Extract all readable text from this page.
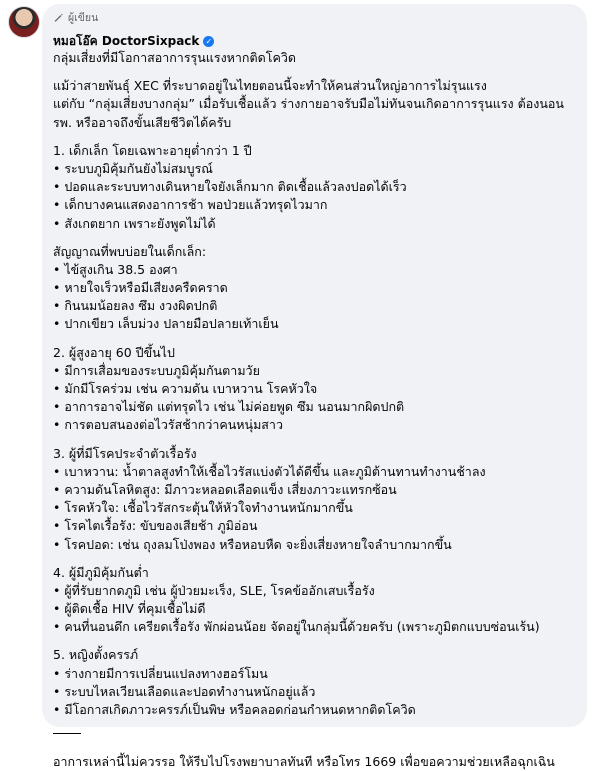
ผู้เขียน
หมอโอ๊ค DoctorSixpack ✓
กลุ่มเสี่ยงที่มีโอกาสอาการรุนแรงหากติดโควิด
แม้ว่าสายพันธุ์ XEC ที่ระบาดอยู่ในไทยตอนนี้จะทำให้คนส่วนใหญ่อาการไม่รุนแรง
แต่กับ “กลุ่มเสี่ยงบางกลุ่ม” เมื่อรับเชื้อแล้ว ร่างกายอาจรับมือไม่ทันจนเกิดอาการรุนแรง ต้องนอน
รพ. หรืออาจถึงขั้นเสียชีวิตได้ครับ
1. เด็กเล็ก โดยเฉพาะอายุต่ำกว่า 1 ปี
• ระบบภูมิคุ้มกันยังไม่สมบูรณ์
• ปอดและระบบทางเดินหายใจยังเล็กมาก ติดเชื้อแล้วลงปอดได้เร็ว
• เด็กบางคนแสดงอาการช้า พอป่วยแล้วทรุดไวมาก
• สังเกตยาก เพราะยังพูดไม่ได้
สัญญาณที่พบบ่อยในเด็กเล็ก:
• ไข้สูงเกิน 38.5 องศา
• หายใจเร็วหรือมีเสียงครืดคราด
• กินนมน้อยลง ซึม งวงผิดปกติ
• ปากเขียว เล็บม่วง ปลายมือปลายเท้าเย็น
2. ผู้สูงอายุ 60 ปีขึ้นไป
• มีการเสื่อมของระบบภูมิคุ้มกันตามวัย
• มักมีโรคร่วม เช่น ความดัน เบาหวาน โรคหัวใจ
• อาการอาจไม่ชัด แต่ทรุดไว เช่น ไม่ค่อยพูด ซึม นอนมากผิดปกติ
• การตอบสนองต่อไวรัสช้ากว่าคนหนุ่มสาว
3. ผู้ที่มีโรคประจำตัวเรื้อรัง
• เบาหวาน: น้ำตาลสูงทำให้เชื้อไวรัสแบ่งตัวได้ดีขึ้น และภูมิต้านทานทำงานช้าลง
• ความดันโลหิตสูง: มีภาวะหลอดเลือดแข็ง เสี่ยงภาวะแทรกซ้อน
• โรคหัวใจ: เชื้อไวรัสกระตุ้นให้หัวใจทำงานหนักมากขึ้น
• โรคไตเรื้อรัง: ขับของเสียช้า ภูมิอ่อน
• โรคปอด: เช่น ถุงลมโป่งพอง หรือหอบหืด จะยิ่งเสี่ยงหายใจลำบากมากขึ้น
4. ผู้มีภูมิคุ้มกันต่ำ
• ผู้ที่รับยากดภูมิ เช่น ผู้ป่วยมะเร็ง, SLE, โรคข้ออักเสบเรื้อรัง
• ผู้ติดเชื้อ HIV ที่คุมเชื้อไม่ดี
• คนที่นอนดึก เครียดเรื้อรัง พักผ่อนน้อย จัดอยู่ในกลุ่มนี้ด้วยครับ (เพราะภูมิตกแบบซ่อนเร้น)
5. หญิงตั้งครรภ์
• ร่างกายมีการเปลี่ยนแปลงทางฮอร์โมน
• ระบบไหลเวียนเลือดและปอดทำงานหนักอยู่แล้ว
• มีโอกาสเกิดภาวะครรภ์เป็นพิษ หรือคลอดก่อนกำหนดหากติดโควิด
อาการเหล่านี้ไม่ควรรอ ให้รีบไปโรงพยาบาลทันที หรือโทร 1669 เพื่อขอความช่วยเหลือฉุกเฉิน
